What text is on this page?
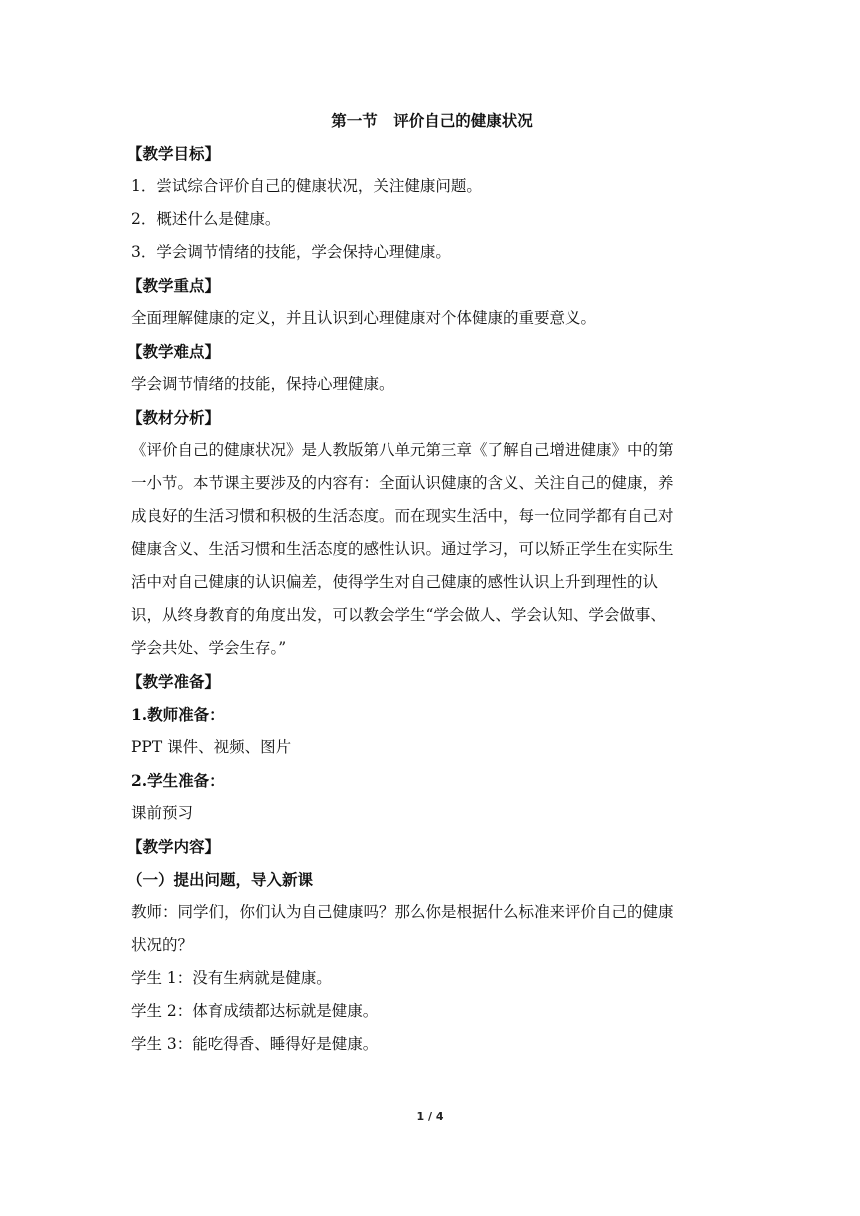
第一节　评价自己的健康状况
【教学目标】
1．尝试综合评价自己的健康状况，关注健康问题。
2．概述什么是健康。
3．学会调节情绪的技能，学会保持心理健康。
【教学重点】
全面理解健康的定义，并且认识到心理健康对个体健康的重要意义。
【教学难点】
学会调节情绪的技能，保持心理健康。
【教材分析】
《评价自己的健康状况》是人教版第八单元第三章《了解自己增进健康》中的第
一小节。本节课主要涉及的内容有：全面认识健康的含义、关注自己的健康，养
成良好的生活习惯和积极的生活态度。而在现实生活中，每一位同学都有自己对
健康含义、生活习惯和生活态度的感性认识。通过学习，可以矫正学生在实际生
活中对自己健康的认识偏差，使得学生对自己健康的感性认识上升到理性的认
识，从终身教育的角度出发，可以教会学生“学会做人、学会认知、学会做事、
学会共处、学会生存。”
【教学准备】
1.教师准备：
PPT 课件、视频、图片
2.学生准备：
课前预习
【教学内容】
（一）提出问题，导入新课
教师：同学们，你们认为自己健康吗？那么你是根据什么标准来评价自己的健康
状况的？
学生 1：没有生病就是健康。
学生 2：体育成绩都达标就是健康。
学生 3：能吃得香、睡得好是健康。
1 / 4
